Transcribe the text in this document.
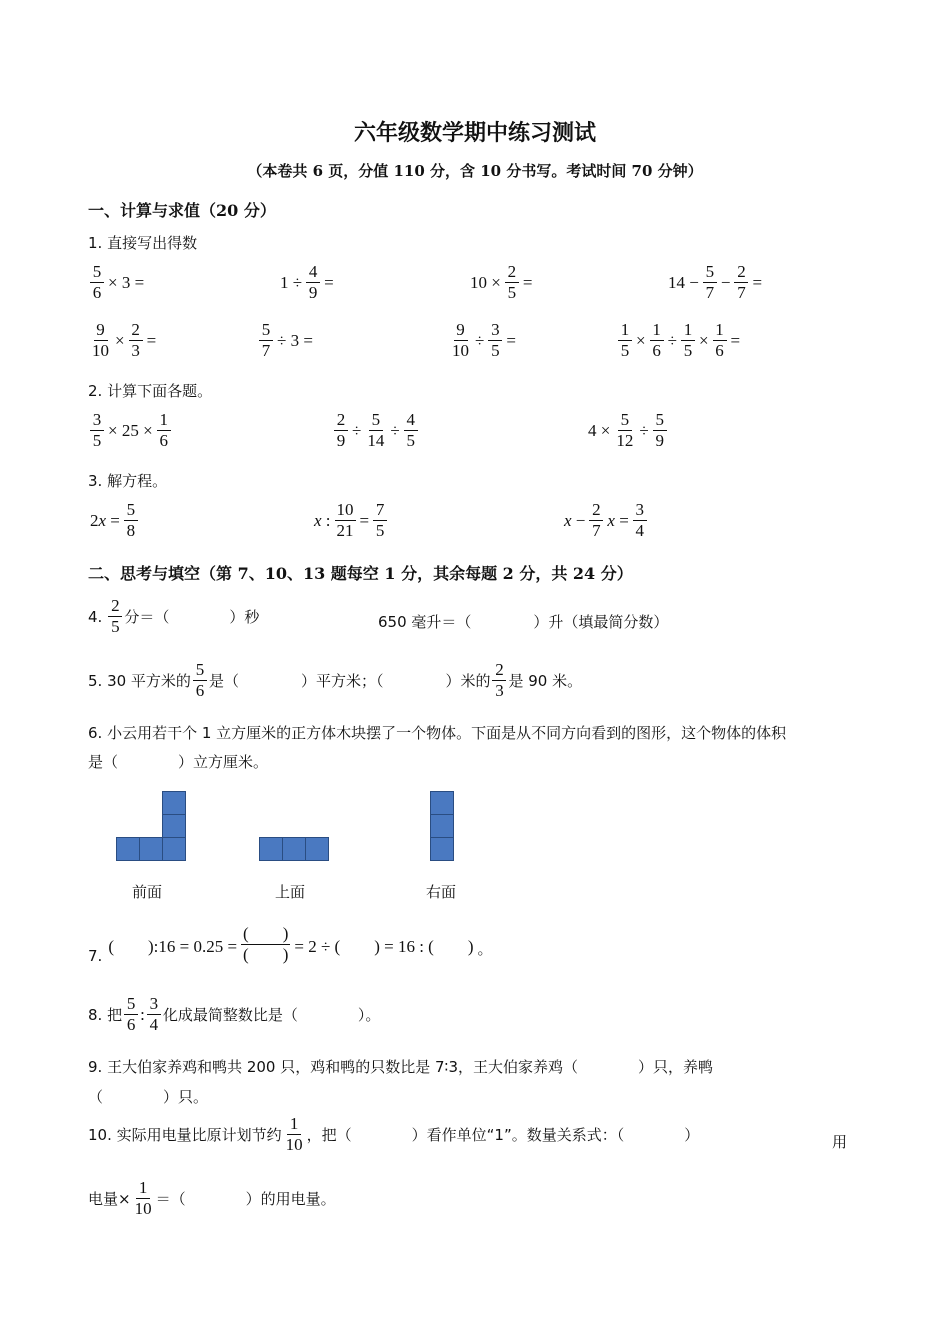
六年级数学期中练习测试
（本卷共 6 页，分值 110 分，含 10 分书写。考试时间 70 分钟）
一、计算与求值（20 分）
1. 直接写出得数
$\frac{5}{6} \times 3$ =	$1 \div \frac{4}{9}$ =	$10 \times \frac{2}{5}$ =	$14 - \frac{5}{7} - \frac{2}{7}$ =
$\frac{9}{10} \times \frac{2}{3}$ =	$\frac{5}{7} \div 3$ =	$\frac{9}{10} \div \frac{3}{5}$ =	$\frac{1}{5} \times \frac{1}{6} \div \frac{1}{5} \times \frac{1}{6}$ =
2. 计算下面各题。
$\frac{3}{5} \times 25 \times \frac{1}{6}$	$\frac{2}{9} \div \frac{5}{14} \div \frac{4}{5}$	$4 \times \frac{5}{12} \div \frac{5}{9}$
3. 解方程。
$2x = \frac{5}{8}$	x : $\frac{10}{21} = \frac{7}{5}$	$x - \frac{2}{7}$ $x = \frac{3}{4}$
二、思考与填空（第 7、10、13 题每空 1 分，其余每题 2 分，共 24 分）
4. $\frac{2}{5}$ 分＝（	）秒	650 毫升＝（	）升（填最简分数）
5. 30 平方米的 $\frac{5}{6}$ 是（	）平方米；（	）米的 $\frac{2}{3}$ 是 90 米。
6. 小云用若干个 1 立方厘米的正方体木块摆了一个物体。下面是从不同方向看到的图形，这个物体的体积
是（　　　　）立方厘米。
前面	上面	右面
7. (　　):16 = $0.25 = \frac{( )}{( )} = 2$ ÷ (　　) = 16 : (　　) 。
8. 把 $\frac{5}{6}$ : $\frac{3}{4}$ 化成最简整数比是（　　　　）。
9. 王大伯家养鸡和鸭共 200 只，鸡和鸭的只数比是 7∶3，王大伯家养鸡（　　　　）只，养鸭
（　　　　）只。
10. 实际用电量比原计划节约 $\frac{1}{10}$ ，把（　　　　）看作单位“1”。数量关系式：（　　　　）	用
电量× $\frac{1}{10}$ ＝（　　　　）的用电量。
